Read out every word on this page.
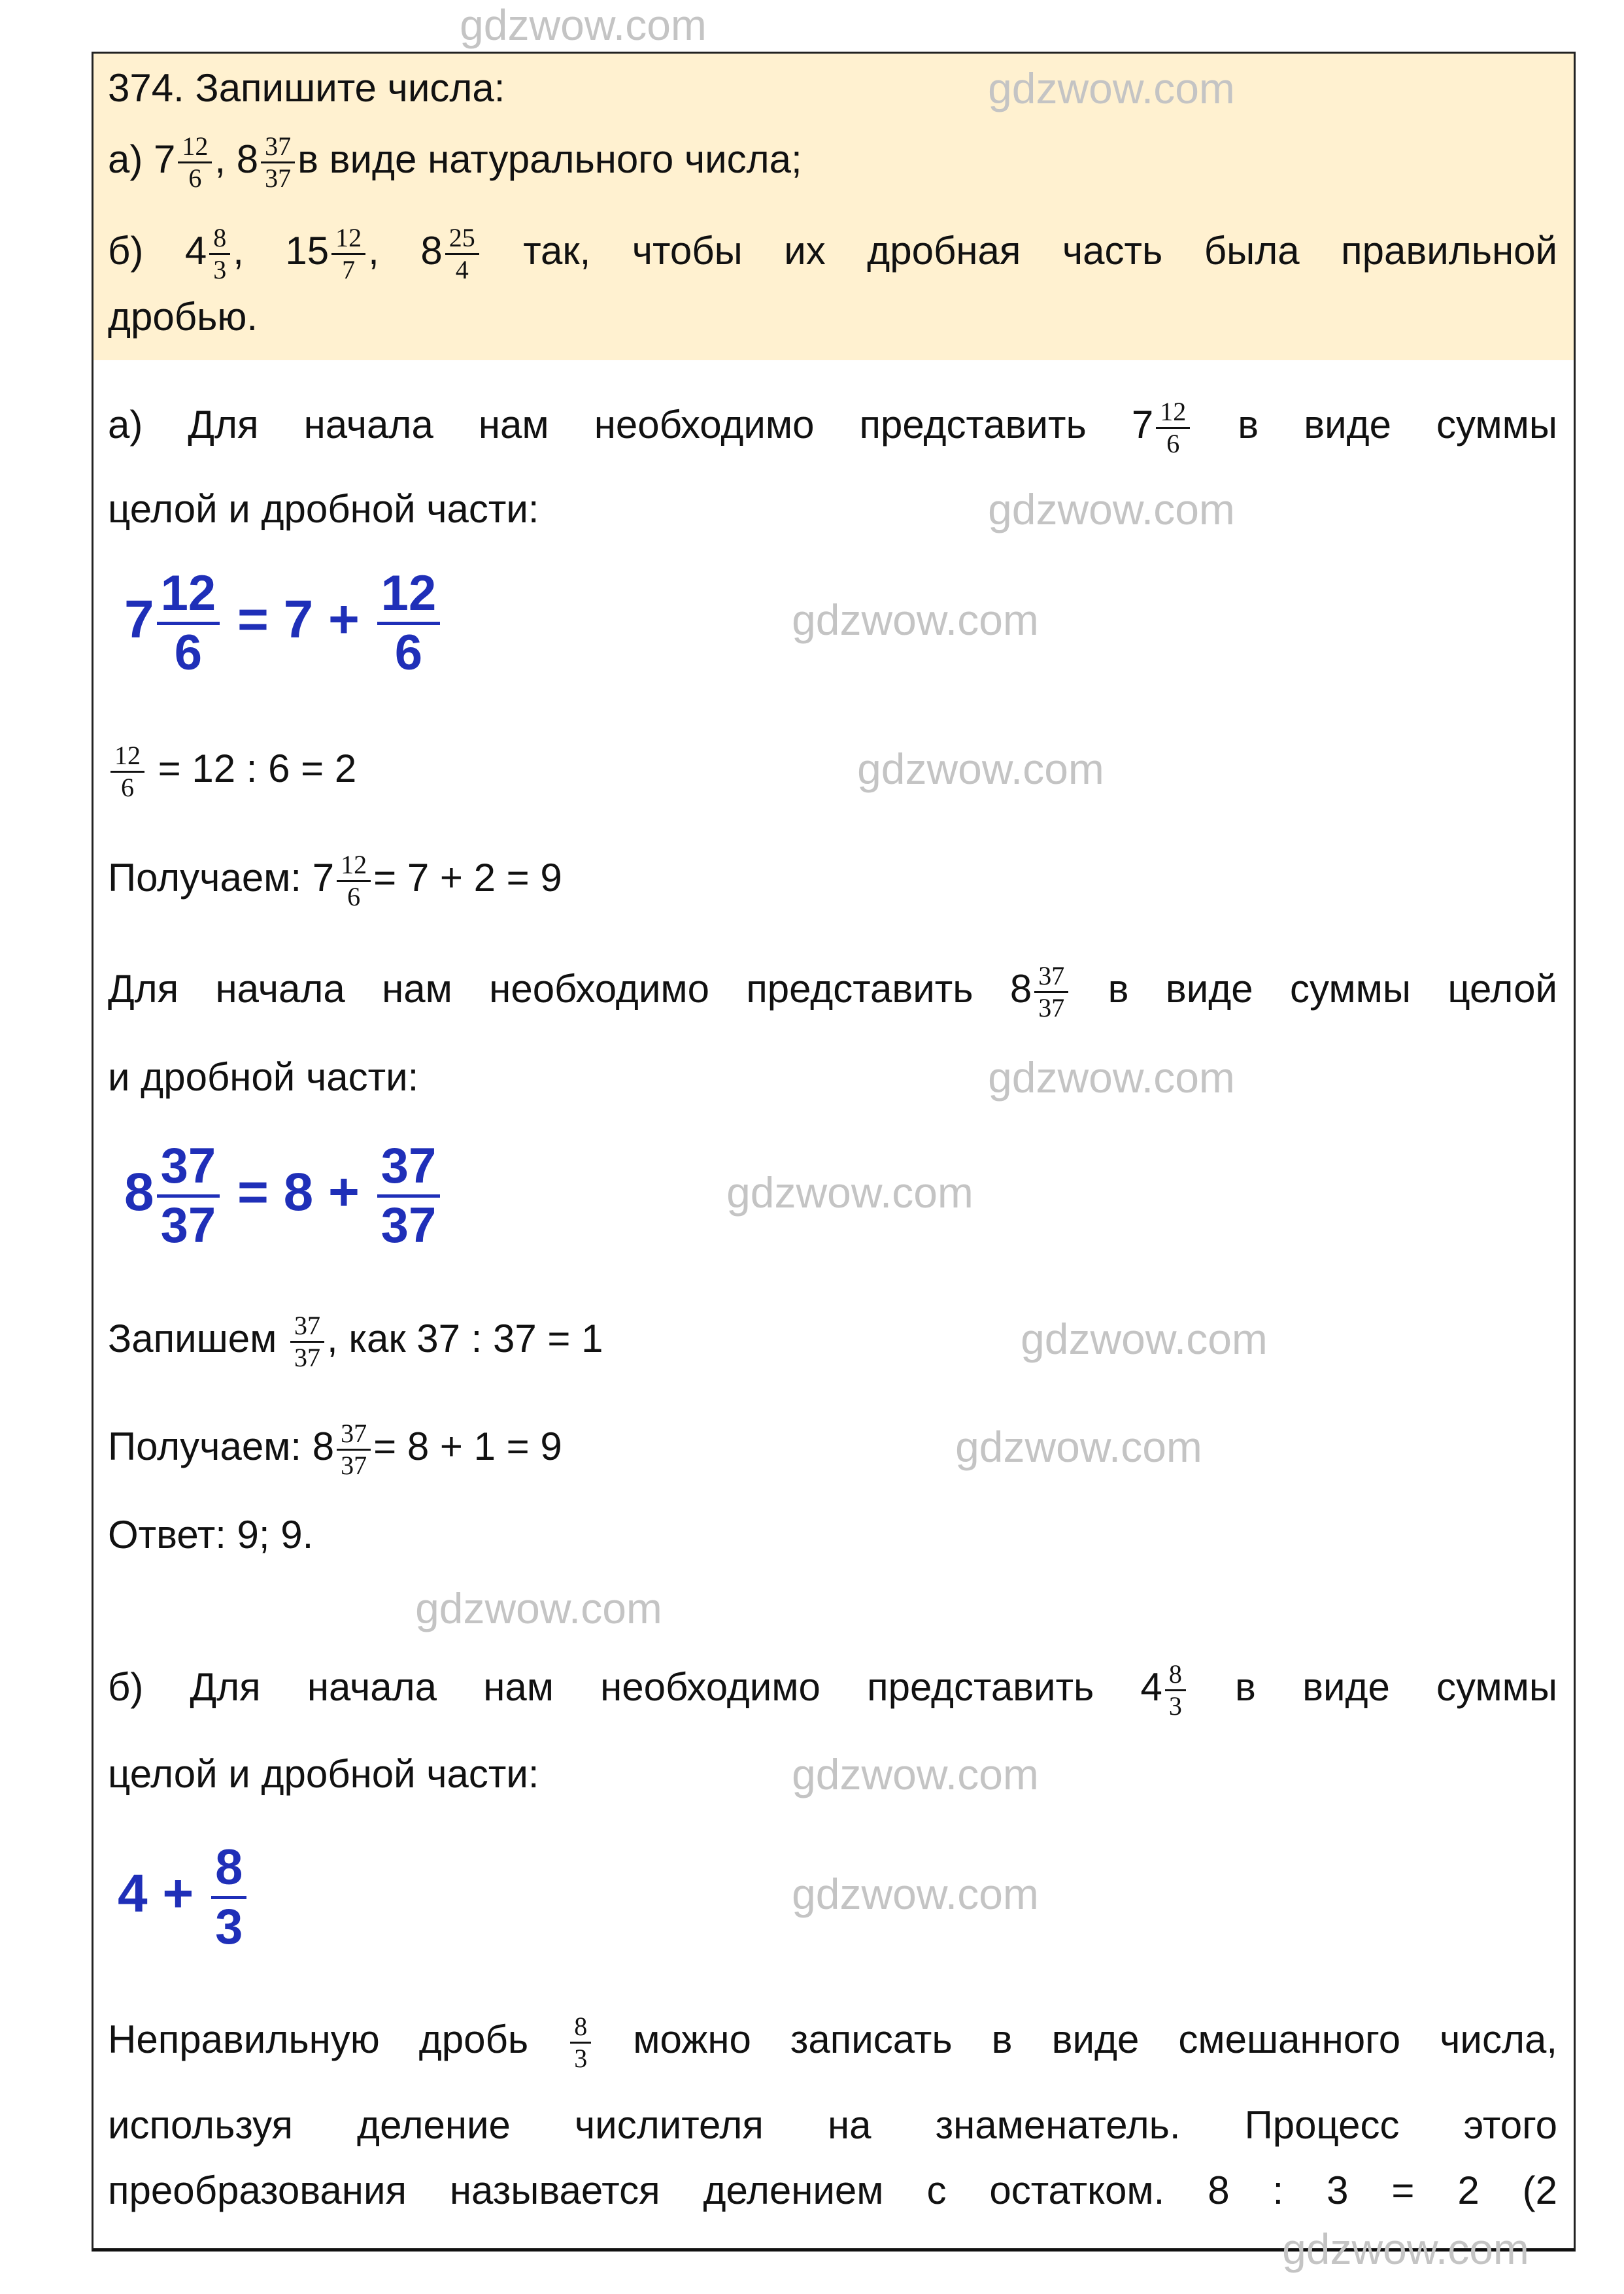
374. Запишите числа:
а) $7 \frac{12}{6}$ , $8 \frac{37}{37}$ в виде натурального числа;
б) $4 \frac{8}{3}$ , $15 \frac{12}{7}$ , $8 \frac{25}{4}$ так, чтобы их дробная часть была правильной
дробью.
а) Для начала нам необходимо представить $7 \frac{12}{6}$ в виде суммы
целой и дробной части:
$7 \frac{12}{6} = 7 + \frac{12}{6}$
$\frac{12}{6} = 12$ : 6 = 2
Получаем: $7 \frac{12}{6} = 7 + 2 = 9$
Для начала нам необходимо представить $8 \frac{37}{37}$ в виде суммы целой
и дробной части:
$8 \frac{37}{37} = 8 + \frac{37}{37}$
Запишем $\frac{37}{37}$ , как 37 : 37 = 1
Получаем: $8 \frac{37}{37} = 8 + 1 = 9$
Ответ: 9; 9.
б) Для начала нам необходимо представить $4 \frac{8}{3}$ в виде суммы
целой и дробной части:
$4 + \frac{8}{3}$
Неправильную дробь $\frac{8}{3}$ можно записать в виде смешанного числа,
используя деление числителя на знаменатель. Процесс этого
преобразования называется делением с остатком. 8 : 3 = 2 (2
gdzwow.com
gdzwow.com
gdzwow.com
gdzwow.com
gdzwow.com
gdzwow.com
gdzwow.com
gdzwow.com
gdzwow.com
gdzwow.com
gdzwow.com
gdzwow.com
gdzwow.com
